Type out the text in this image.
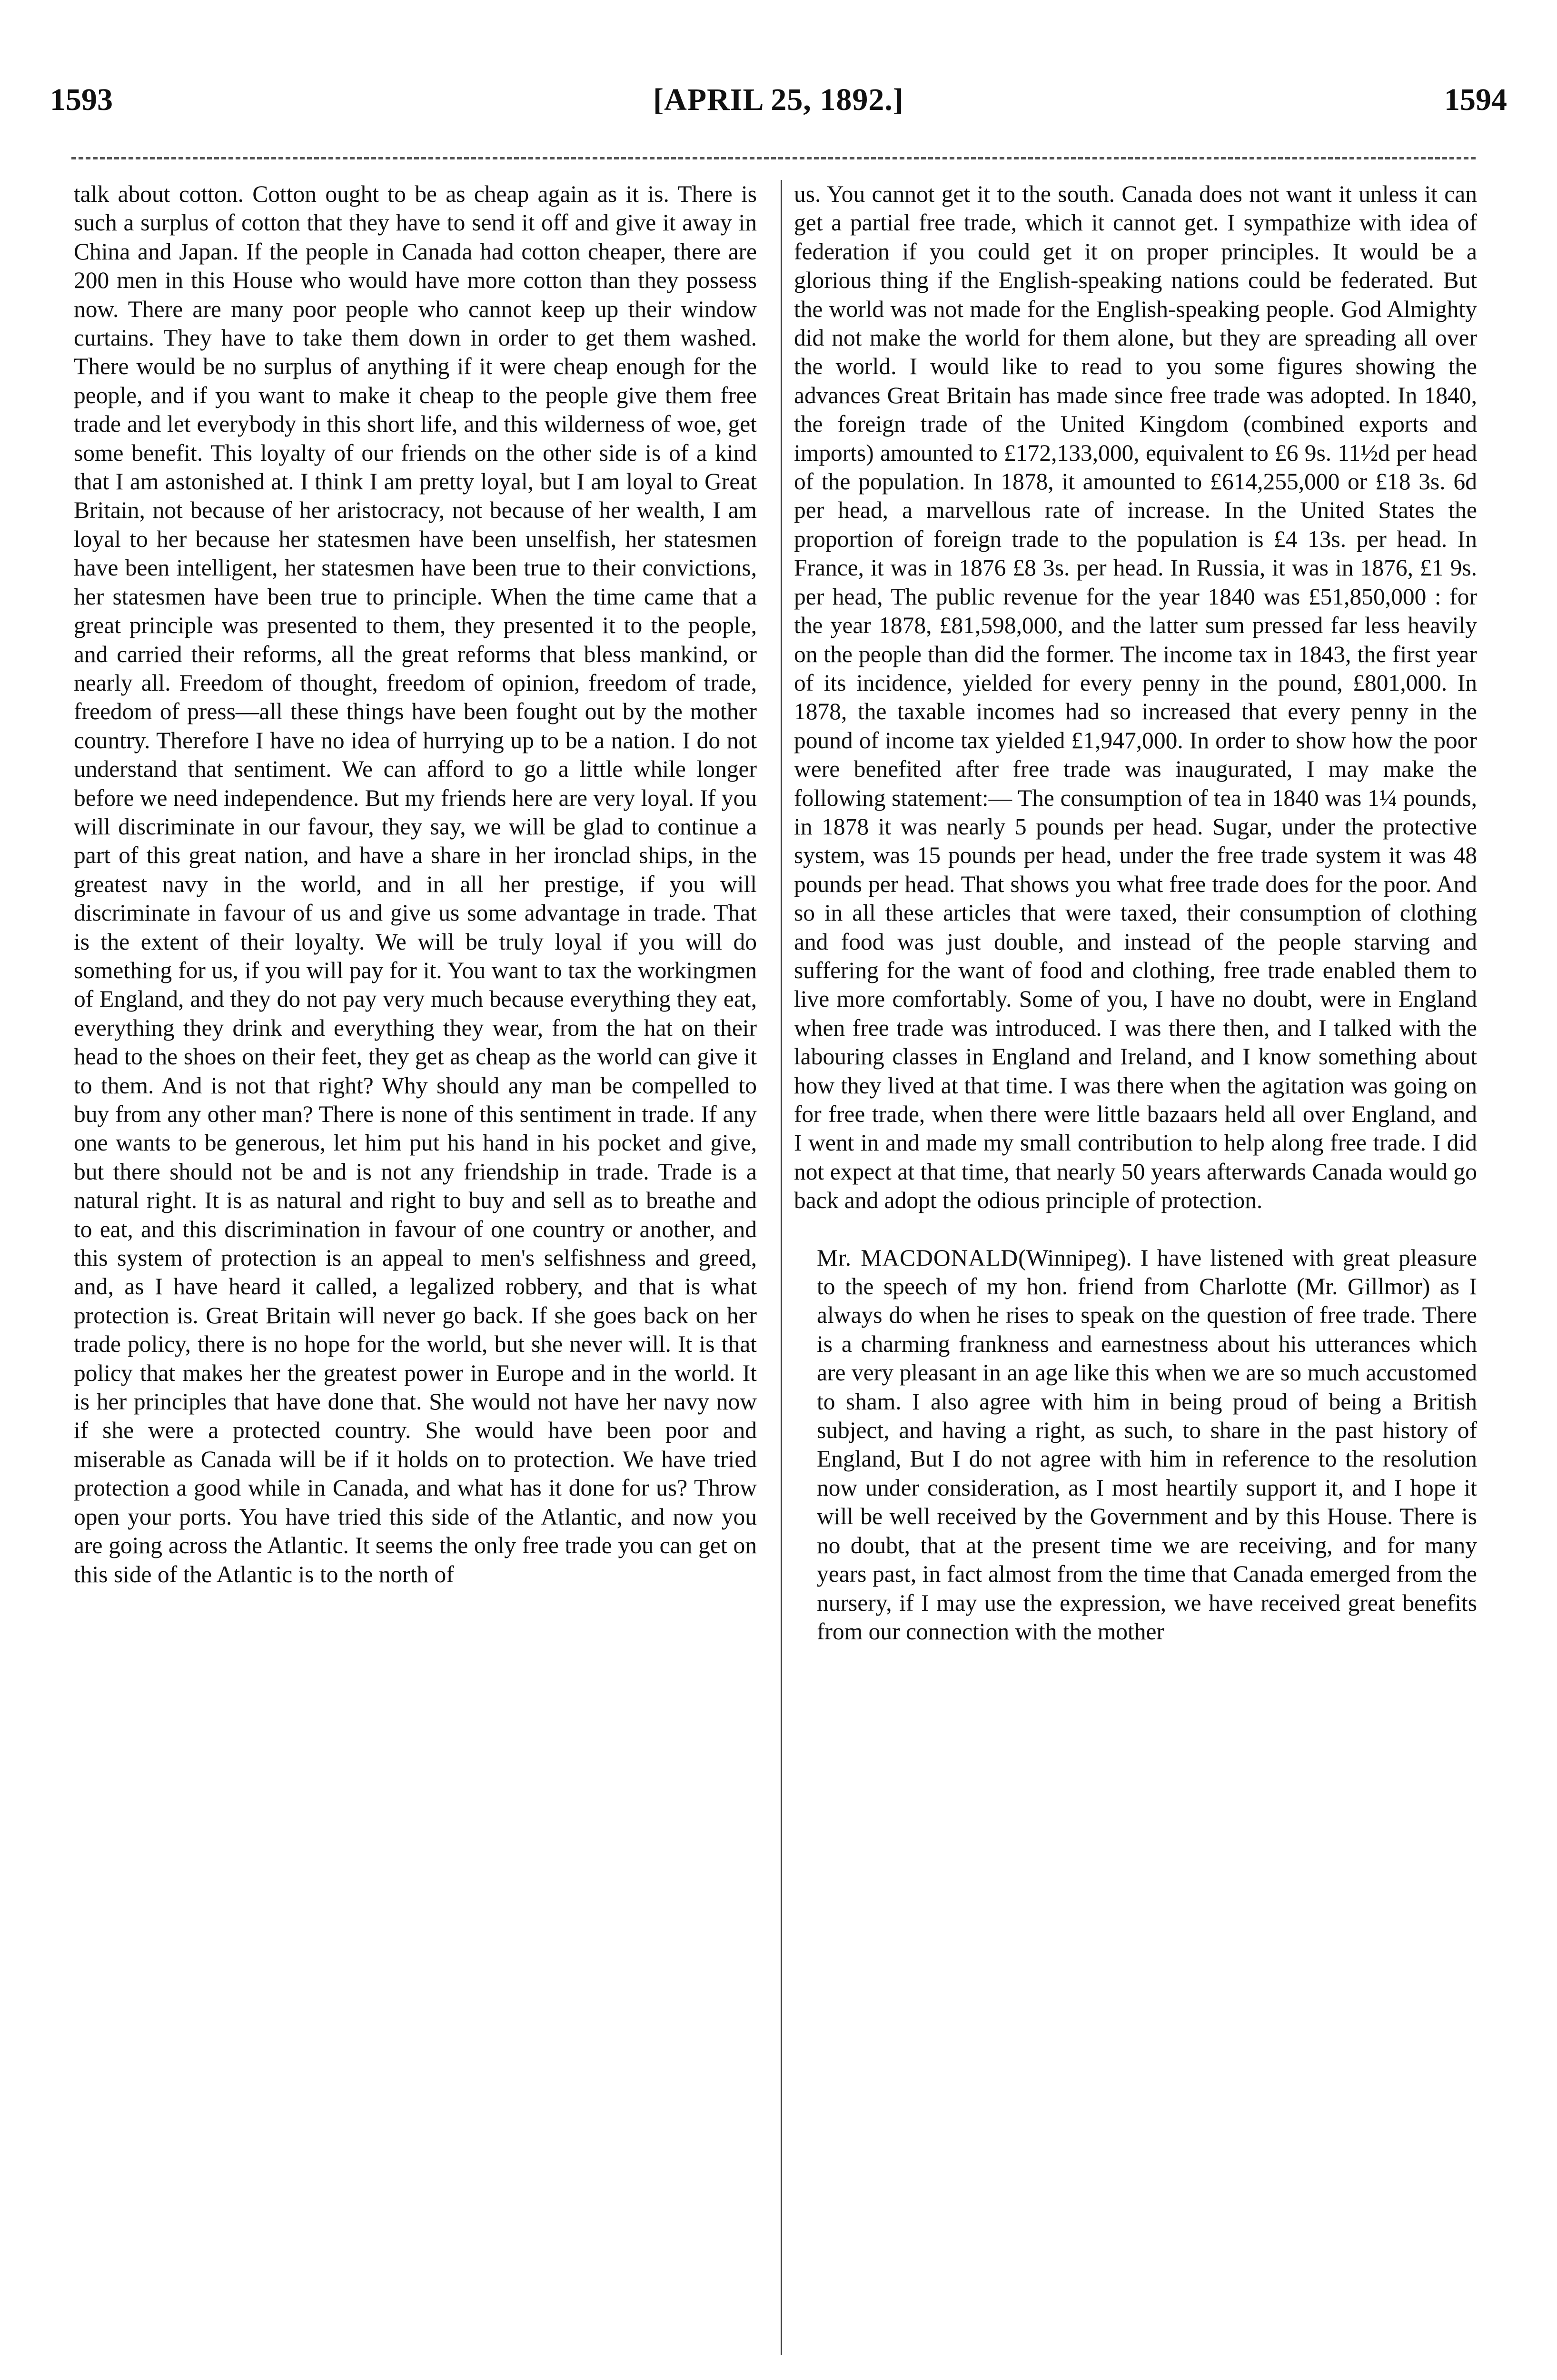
1593	[APRIL 25, 1892.]	1594

talk about cotton. Cotton ought to be as cheap again as it is. There is such a surplus of cotton that they have to send it off and give it away in China and Japan. If the people in Canada had cotton cheaper, there are 200 men in this House who would have more cotton than they possess now. There are many poor people who cannot keep up their window curtains. They have to take them down in order to get them washed. There would be no surplus of anything if it were cheap enough for the people, and if you want to make it cheap to the people give them free trade and let everybody in this short life, and this wilderness of woe, get some benefit. This loyalty of our friends on the other side is of a kind that I am astonished at. I think I am pretty loyal, but I am loyal to Great Britain, not because of her aristocracy, not because of her wealth, I am loyal to her because her statesmen have been unselfish, her statesmen have been intelligent, her statesmen have been true to their convictions, her statesmen have been true to principle. When the time came that a great principle was presented to them, they presented it to the people, and carried their reforms, all the great reforms that bless mankind, or nearly all. Freedom of thought, freedom of opinion, freedom of trade, freedom of press—all these things have been fought out by the mother country. Therefore I have no idea of hurrying up to be a nation. I do not understand that sentiment. We can afford to go a little while longer before we need independence. But my friends here are very loyal. If you will discriminate in our favour, they say, we will be glad to continue a part of this great nation, and have a share in her ironclad ships, in the greatest navy in the world, and in all her prestige, if you will discriminate in favour of us and give us some advantage in trade. That is the extent of their loyalty. We will be truly loyal if you will do something for us, if you will pay for it. You want to tax the workingmen of England, and they do not pay very much because everything they eat, everything they drink and everything they wear, from the hat on their head to the shoes on their feet, they get as cheap as the world can give it to them. And is not that right? Why should any man be compelled to buy from any other man? There is none of this sentiment in trade. If any one wants to be generous, let him put his hand in his pocket and give, but there should not be and is not any friendship in trade. Trade is a natural right. It is as natural and right to buy and sell as to breathe and to eat, and this discrimination in favour of one country or another, and this system of protection is an appeal to men's selfishness and greed, and, as I have heard it called, a legalized robbery, and that is what protection is. Great Britain will never go back. If she goes back on her trade policy, there is no hope for the world, but she never will. It is that policy that makes her the greatest power in Europe and in the world. It is her principles that have done that. She would not have her navy now if she were a protected country. She would have been poor and miserable as Canada will be if it holds on to protection. We have tried protection a good while in Canada, and what has it done for us? Throw open your ports. You have tried this side of the Atlantic, and now you are going across the Atlantic. It seems the only free trade you can get on this side of the Atlantic is to the north of

us. You cannot get it to the south. Canada does not want it unless it can get a partial free trade, which it cannot get. I sympathize with idea of federation if you could get it on proper principles. It would be a glorious thing if the English-speaking nations could be federated. But the world was not made for the English-speaking people. God Almighty did not make the world for them alone, but they are spreading all over the world. I would like to read to you some figures showing the advances Great Britain has made since free trade was adopted. In 1840, the foreign trade of the United Kingdom (combined exports and imports) amounted to £172,133,000, equivalent to £6 9s. 11½d per head of the population. In 1878, it amounted to £614,255,000 or £18 3s. 6d per head, a marvellous rate of increase. In the United States the proportion of foreign trade to the population is £4 13s. per head. In France, it was in 1876 £8 3s. per head. In Russia, it was in 1876, £1 9s. per head, The public revenue for the year 1840 was £51,850,000 : for the year 1878, £81,598,000, and the latter sum pressed far less heavily on the people than did the former. The income tax in 1843, the first year of its incidence, yielded for every penny in the pound, £801,000. In 1878, the taxable incomes had so increased that every penny in the pound of income tax yielded £1,947,000. In order to show how the poor were benefited after free trade was inaugurated, I may make the following statement:— The consumption of tea in 1840 was 1¼ pounds, in 1878 it was nearly 5 pounds per head. Sugar, under the protective system, was 15 pounds per head, under the free trade system it was 48 pounds per head. That shows you what free trade does for the poor. And so in all these articles that were taxed, their consumption of clothing and food was just double, and instead of the people starving and suffering for the want of food and clothing, free trade enabled them to live more comfortably. Some of you, I have no doubt, were in England when free trade was introduced. I was there then, and I talked with the labouring classes in England and Ireland, and I know something about how they lived at that time. I was there when the agitation was going on for free trade, when there were little bazaars held all over England, and I went in and made my small contribution to help along free trade. I did not expect at that time, that nearly 50 years afterwards Canada would go back and adopt the odious principle of protection.

Mr. MACDONALD(Winnipeg). I have listened with great pleasure to the speech of my hon. friend from Charlotte (Mr. Gillmor) as I always do when he rises to speak on the question of free trade. There is a charming frankness and earnestness about his utterances which are very pleasant in an age like this when we are so much accustomed to sham. I also agree with him in being proud of being a British subject, and having a right, as such, to share in the past history of England, But I do not agree with him in reference to the resolution now under consideration, as I most heartily support it, and I hope it will be well received by the Government and by this House. There is no doubt, that at the present time we are receiving, and for many years past, in fact almost from the time that Canada emerged from the nursery, if I may use the expression, we have received great benefits from our connection with the mother
